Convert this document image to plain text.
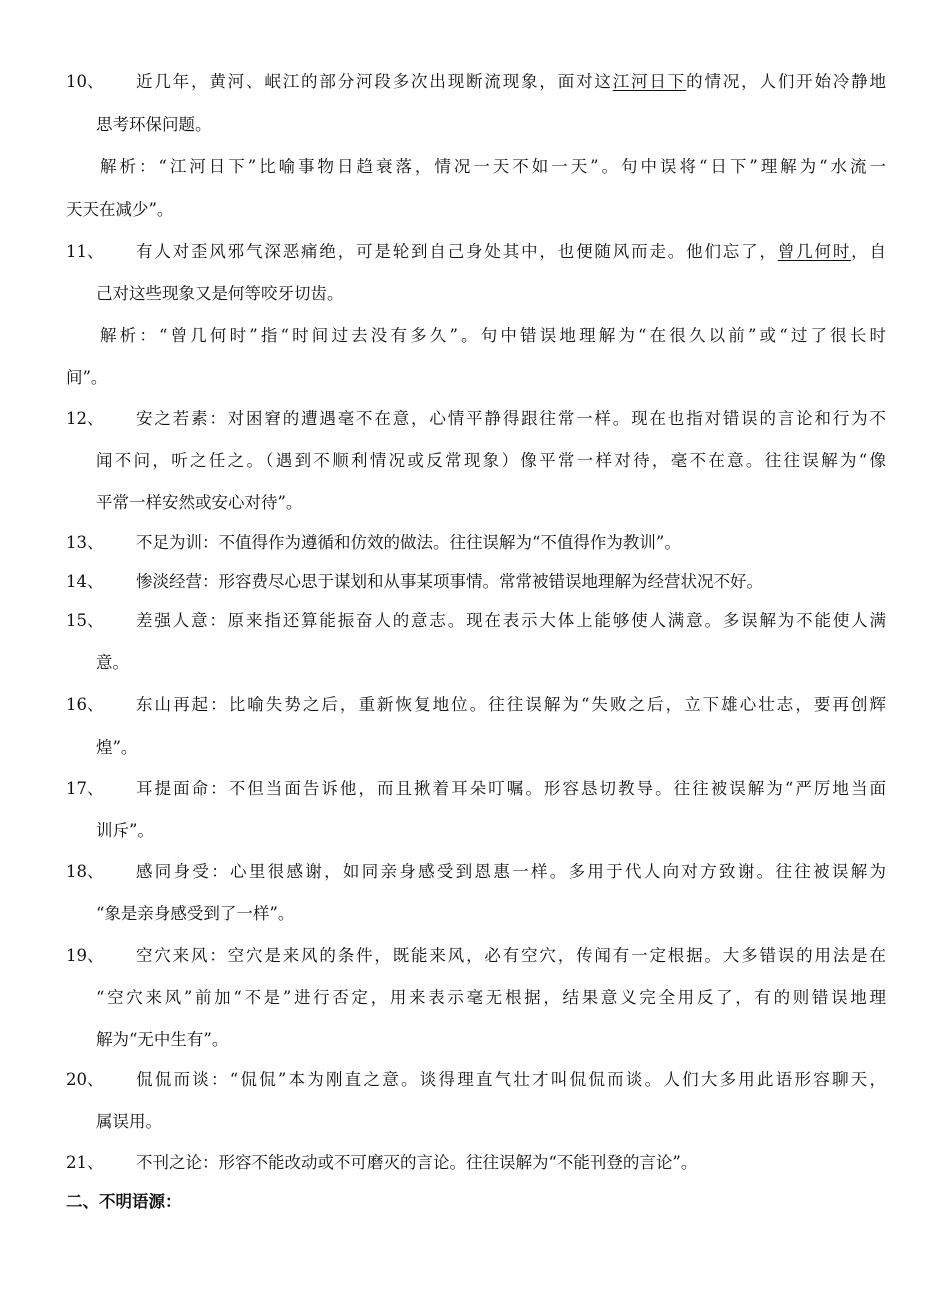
10、 近几年，黄河、岷江的部分河段多次出现断流现象，面对这江河日下的情况，人们开始冷静地
思考环保问题。
解析：“江河日下”比喻事物日趋衰落，情况一天不如一天”。句中误将“日下”理解为“水流一
天天在减少”。
11、 有人对歪风邪气深恶痛绝，可是轮到自己身处其中，也便随风而走。他们忘了，曾几何时，自
己对这些现象又是何等咬牙切齿。
解析：“曾几何时”指“时间过去没有多久”。句中错误地理解为“在很久以前”或“过了很长时
间”。
12、 安之若素：对困窘的遭遇毫不在意，心情平静得跟往常一样。现在也指对错误的言论和行为不
闻不问，听之任之。（遇到不顺利情况或反常现象）像平常一样对待，毫不在意。往往误解为“像
平常一样安然或安心对待”。
13、 不足为训：不值得作为遵循和仿效的做法。往往误解为“不值得作为教训”。
14、 惨淡经营：形容费尽心思于谋划和从事某项事情。常常被错误地理解为经营状况不好。
15、 差强人意：原来指还算能振奋人的意志。现在表示大体上能够使人满意。多误解为不能使人满
意。
16、 东山再起：比喻失势之后，重新恢复地位。往往误解为“失败之后，立下雄心壮志，要再创辉
煌”。
17、 耳提面命：不但当面告诉他，而且揪着耳朵叮嘱。形容恳切教导。往往被误解为“严厉地当面
训斥”。
18、 感同身受：心里很感谢，如同亲身感受到恩惠一样。多用于代人向对方致谢。往往被误解为
“象是亲身感受到了一样”。
19、 空穴来风：空穴是来风的条件，既能来风，必有空穴，传闻有一定根据。大多错误的用法是在
“空穴来风”前加“不是”进行否定，用来表示毫无根据，结果意义完全用反了，有的则错误地理
解为“无中生有”。
20、 侃侃而谈：“侃侃”本为刚直之意。谈得理直气壮才叫侃侃而谈。人们大多用此语形容聊天，
属误用。
21、 不刊之论：形容不能改动或不可磨灭的言论。往往误解为“不能刊登的言论”。
二、不明语源：
